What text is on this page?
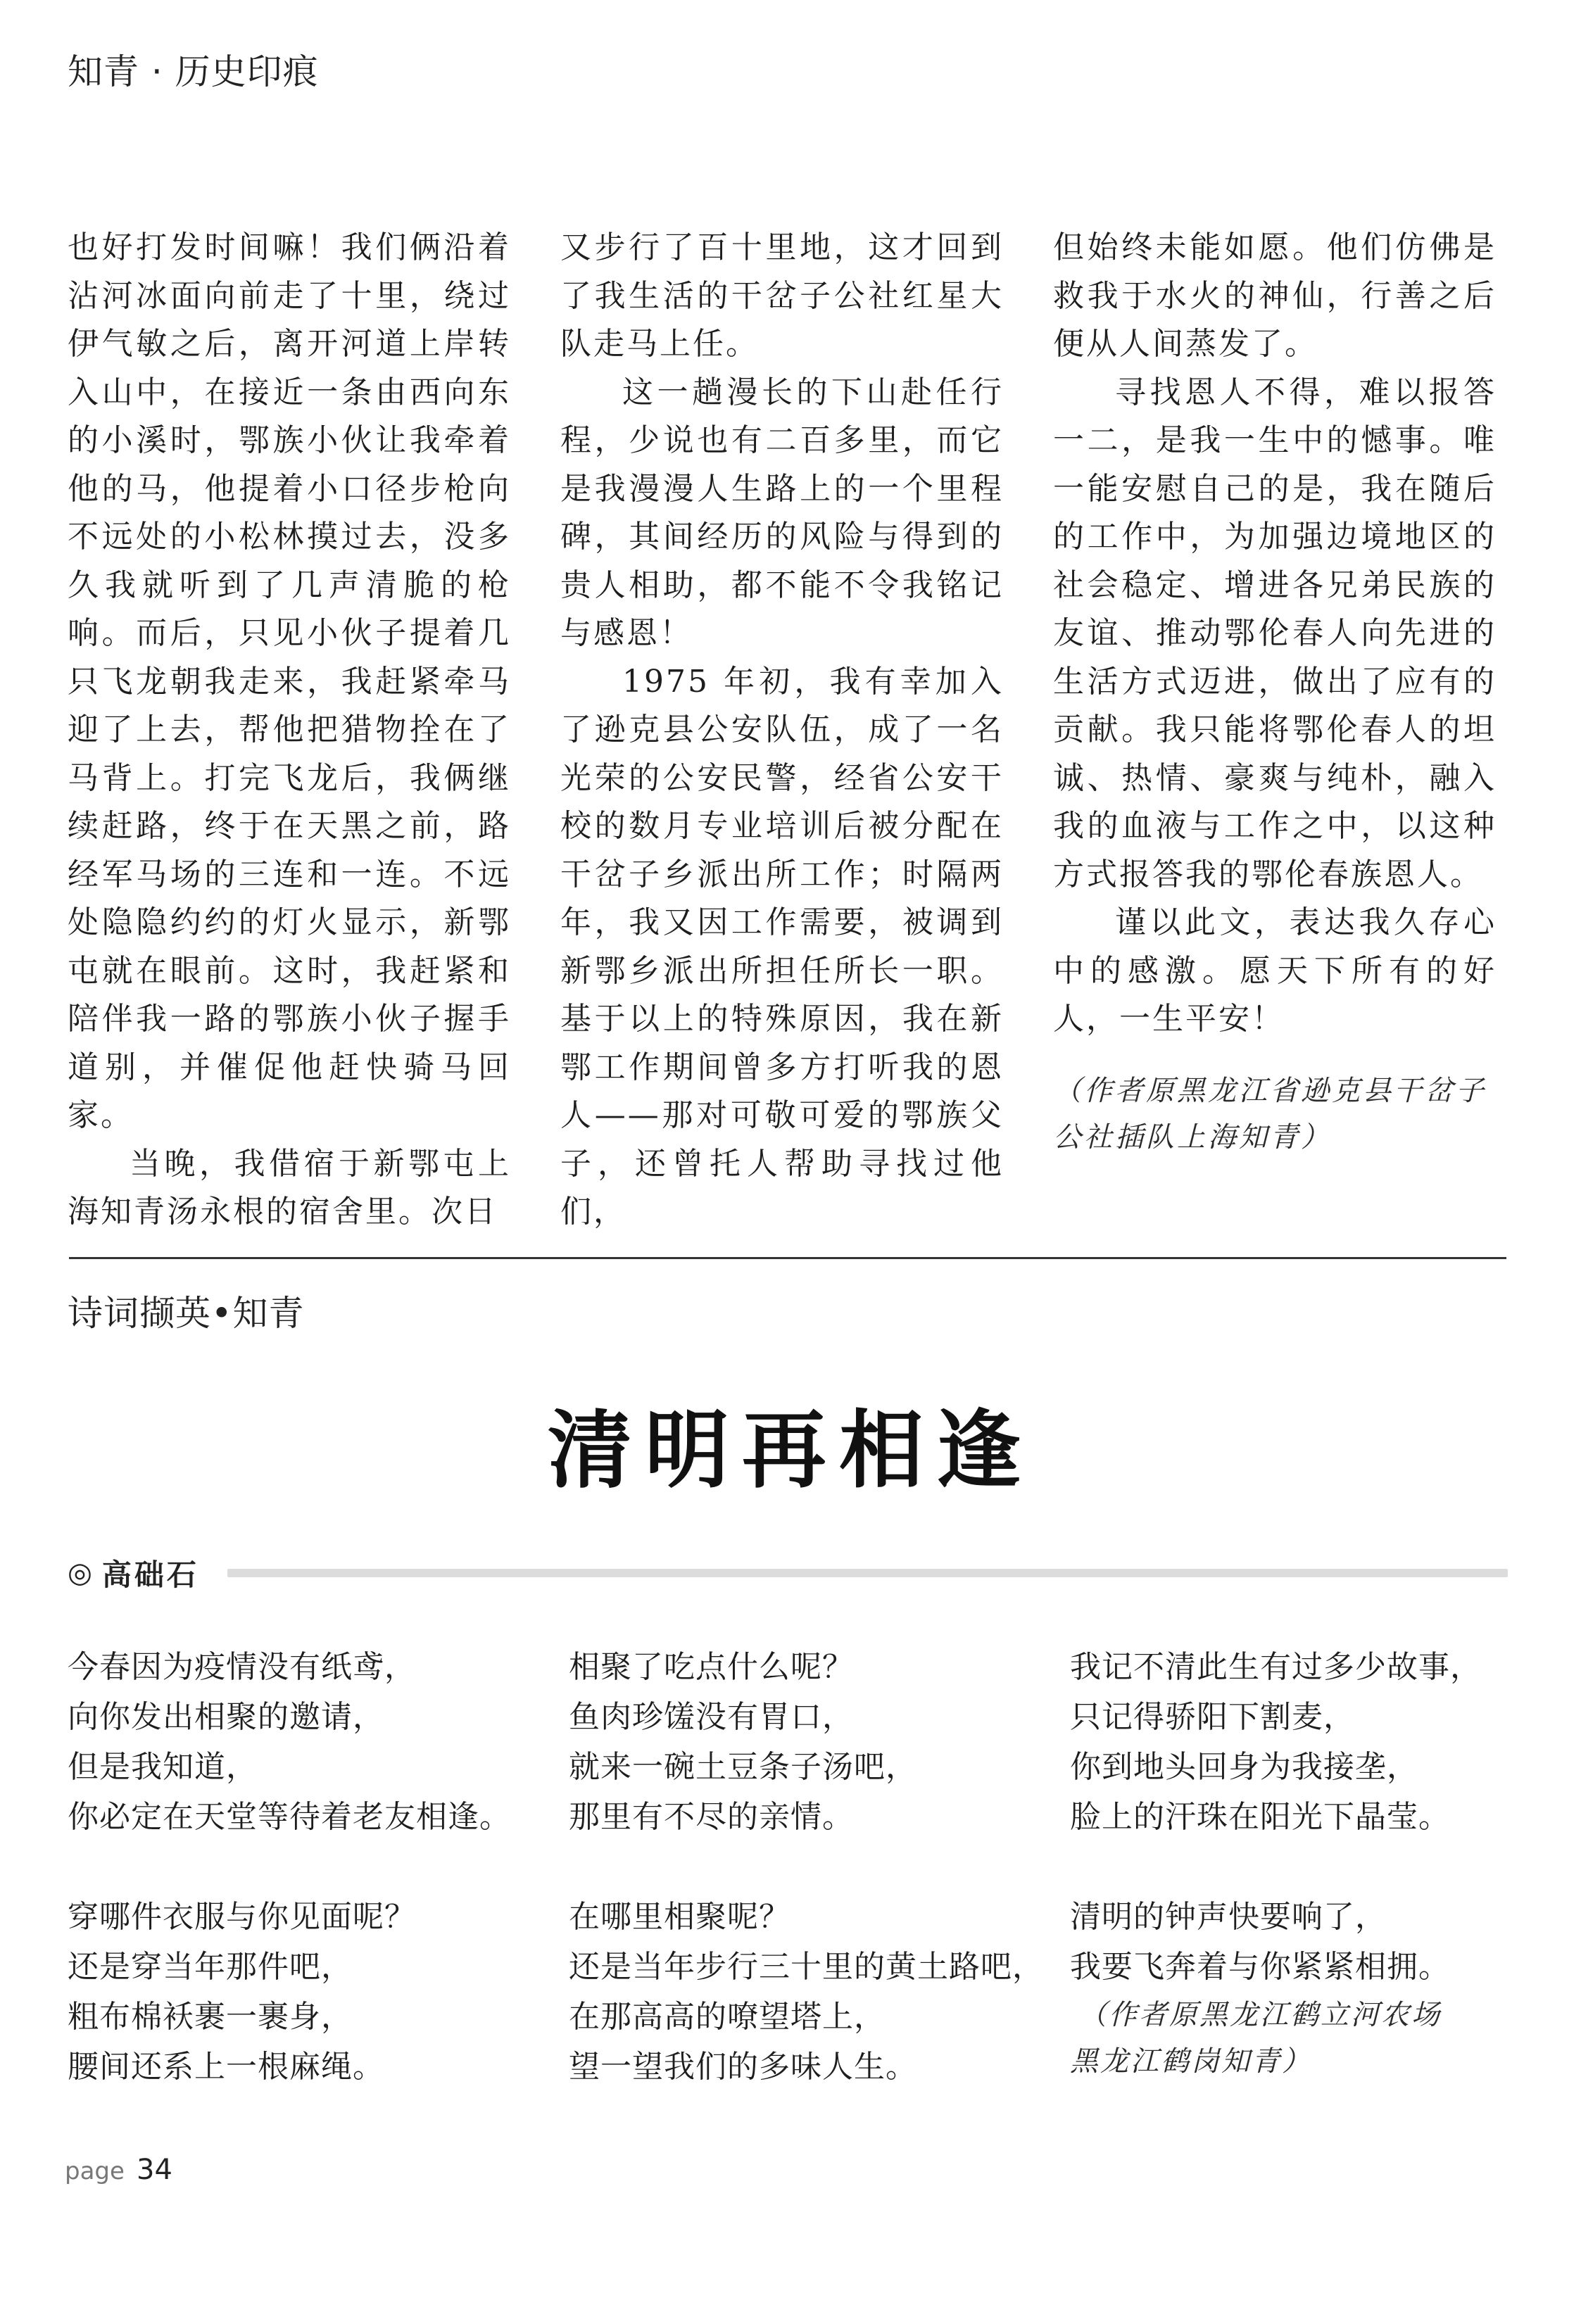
知青 · 历史印痕

也好打发时间嘛！我们俩沿着沾河冰面向前走了十里，绕过伊气敏之后，离开河道上岸转入山中，在接近一条由西向东的小溪时，鄂族小伙让我牵着他的马，他提着小口径步枪向不远处的小松林摸过去，没多久我就听到了几声清脆的枪响。而后，只见小伙子提着几只飞龙朝我走来，我赶紧牵马迎了上去，帮他把猎物拴在了马背上。打完飞龙后，我俩继续赶路，终于在天黑之前，路经军马场的三连和一连。不远处隐隐约约的灯火显示，新鄂屯就在眼前。这时，我赶紧和陪伴我一路的鄂族小伙子握手道别，并催促他赶快骑马回家。

当晚，我借宿于新鄂屯上海知青汤永根的宿舍里。次日

又步行了百十里地，这才回到了我生活的干岔子公社红星大队走马上任。

这一趟漫长的下山赴任行程，少说也有二百多里，而它是我漫漫人生路上的一个里程碑，其间经历的风险与得到的贵人相助，都不能不令我铭记与感恩！

1975 年初，我有幸加入了逊克县公安队伍，成了一名光荣的公安民警，经省公安干校的数月专业培训后被分配在干岔子乡派出所工作；时隔两年，我又因工作需要，被调到新鄂乡派出所担任所长一职。基于以上的特殊原因，我在新鄂工作期间曾多方打听我的恩人——那对可敬可爱的鄂族父子，还曾托人帮助寻找过他们，

但始终未能如愿。他们仿佛是救我于水火的神仙，行善之后便从人间蒸发了。

寻找恩人不得，难以报答一二，是我一生中的憾事。唯一能安慰自己的是，我在随后的工作中，为加强边境地区的社会稳定、增进各兄弟民族的友谊、推动鄂伦春人向先进的生活方式迈进，做出了应有的贡献。我只能将鄂伦春人的坦诚、热情、豪爽与纯朴，融入我的血液与工作之中，以这种方式报答我的鄂伦春族恩人。

谨以此文，表达我久存心中的感激。愿天下所有的好人，一生平安！

（作者原黑龙江省逊克县干岔子公社插队上海知青）
诗词撷英•知青
清明再相逢
◎ 高础石
今春因为疫情没有纸鸢，
向你发出相聚的邀请，
但是我知道，
你必定在天堂等待着老友相逢。
穿哪件衣服与你见面呢？
还是穿当年那件吧，
粗布棉袄裹一裹身，
腰间还系上一根麻绳。
相聚了吃点什么呢？
鱼肉珍馐没有胃口，
就来一碗土豆条子汤吧，
那里有不尽的亲情。
在哪里相聚呢？
还是当年步行三十里的黄土路吧，
在那高高的嘹望塔上，
望一望我们的多味人生。
我记不清此生有过多少故事，
只记得骄阳下割麦，
你到地头回身为我接垄，
脸上的汗珠在阳光下晶莹。
清明的钟声快要响了，
我要飞奔着与你紧紧相拥。
（作者原黑龙江鹤立河农场
黑龙江鹤岗知青）
page 34
